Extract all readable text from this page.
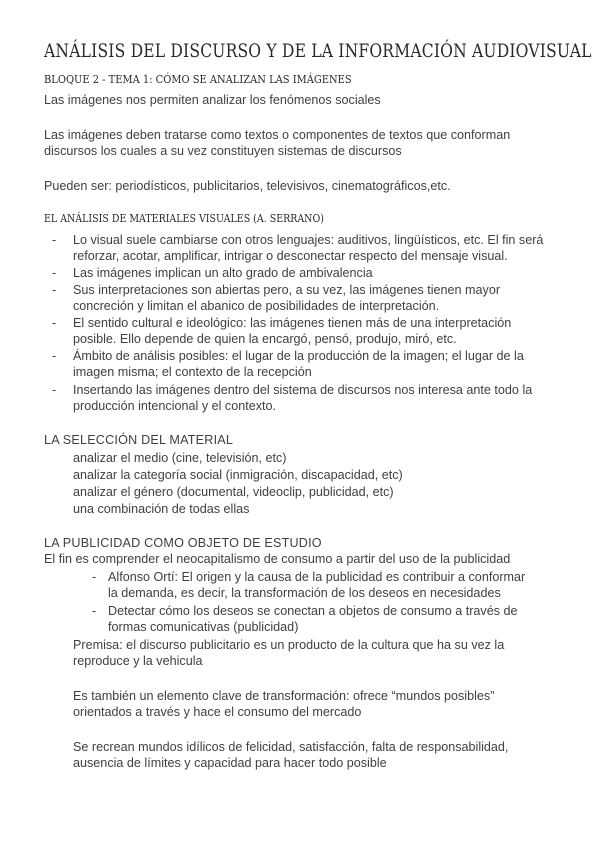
ANÁLISIS DEL DISCURSO Y DE LA INFORMACIÓN AUDIOVISUAL
BLOQUE 2 - TEMA 1: CÓMO SE ANALIZAN LAS IMÁGENES
Las imágenes nos permiten analizar los fenómenos sociales
Las imágenes deben tratarse como textos o componentes de textos que conforman
discursos los cuales a su vez constituyen sistemas de discursos
Pueden ser: periodísticos, publicitarios, televisivos, cinematográficos,etc.
EL ANÁLISIS DE MATERIALES VISUALES (A. SERRANO)
- Lo visual suele cambiarse con otros lenguajes: auditivos, lingüísticos, etc. El fin será
reforzar, acotar, amplificar, intrigar o desconectar respecto del mensaje visual.
- Las imágenes implican un alto grado de ambivalencia
- Sus interpretaciones son abiertas pero, a su vez, las imágenes tienen mayor
concreción y limitan el abanico de posibilidades de interpretación.
- El sentido cultural e ideológico: las imágenes tienen más de una interpretación
posible. Ello depende de quien la encargó, pensó, produjo, miró, etc.
- Ámbito de análisis posibles: el lugar de la producción de la imagen; el lugar de la
imagen misma; el contexto de la recepción
- Insertando las imágenes dentro del sistema de discursos nos interesa ante todo la
producción intencional y el contexto.
LA SELECCIÓN DEL MATERIAL
analizar el medio (cine, televisión, etc)
analizar la categoría social (inmigración, discapacidad, etc)
analizar el género (documental, videoclip, publicidad, etc)
una combinación de todas ellas
LA PUBLICIDAD COMO OBJETO DE ESTUDIO
El fin es comprender el neocapitalismo de consumo a partir del uso de la publicidad
- Alfonso Ortí: El origen y la causa de la publicidad es contribuir a conformar
la demanda, es decir, la transformación de los deseos en necesidades
- Detectar cómo los deseos se conectan a objetos de consumo a través de
formas comunicativas (publicidad)
Premisa: el discurso publicitario es un producto de la cultura que ha su vez la
reproduce y la vehicula
Es también un elemento clave de transformación: ofrece “mundos posibles”
orientados a través y hace el consumo del mercado
Se recrean mundos idílicos de felicidad, satisfacción, falta de responsabilidad,
ausencia de límites y capacidad para hacer todo posible
